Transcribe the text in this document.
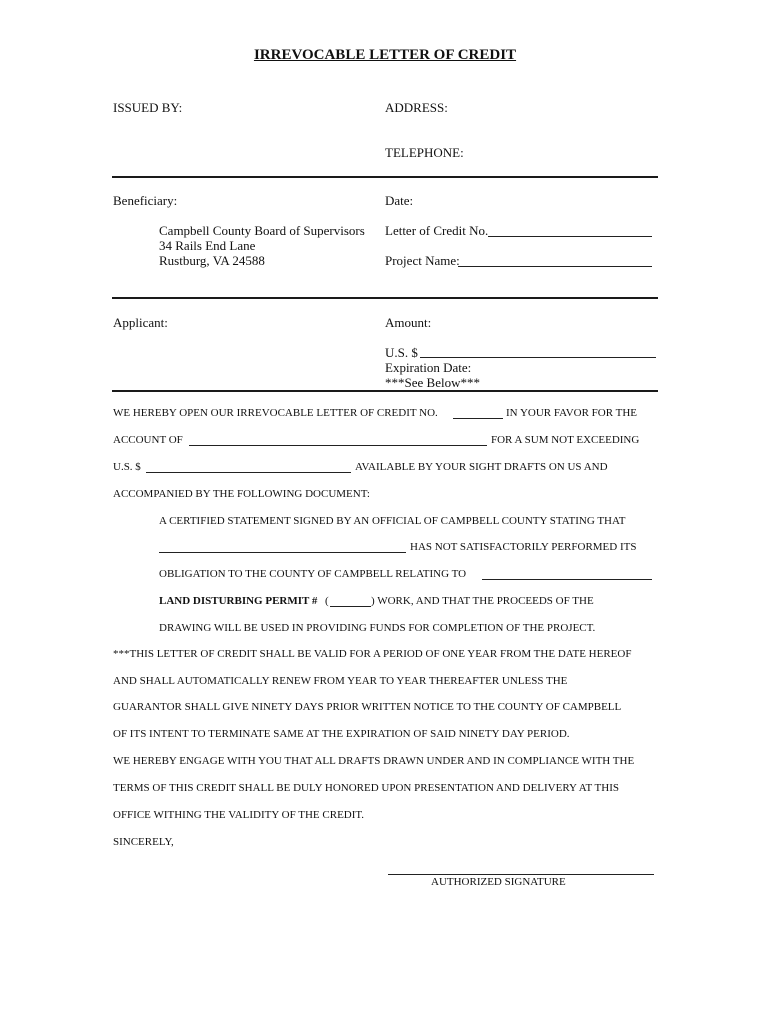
IRREVOCABLE LETTER OF CREDIT
ISSUED BY:	ADDRESS:
TELEPHONE:
Beneficiary:	Date:
Campbell County Board of Supervisors
34 Rails End Lane
Rustburg, VA 24588
Letter of Credit No.
Project Name:
Applicant:	Amount:
U.S. $
Expiration Date:
***See Below***
WE HEREBY OPEN OUR IRREVOCABLE LETTER OF CREDIT NO.	IN YOUR FAVOR FOR THE
ACCOUNT OF	FOR A SUM NOT EXCEEDING
U.S. $	AVAILABLE BY YOUR SIGHT DRAFTS ON US AND
ACCOMPANIED BY THE FOLLOWING DOCUMENT:
A CERTIFIED STATEMENT SIGNED BY AN OFFICIAL OF CAMPBELL COUNTY STATING THAT
HAS NOT SATISFACTORILY PERFORMED ITS
OBLIGATION TO THE COUNTY OF CAMPBELL RELATING TO
LAND DISTURBING PERMIT # (	) WORK, AND THAT THE PROCEEDS OF THE
DRAWING WILL BE USED IN PROVIDING FUNDS FOR COMPLETION OF THE PROJECT.
***THIS LETTER OF CREDIT SHALL BE VALID FOR A PERIOD OF ONE YEAR FROM THE DATE HEREOF
AND SHALL AUTOMATICALLY RENEW FROM YEAR TO YEAR THEREAFTER UNLESS THE
GUARANTOR SHALL GIVE NINETY DAYS PRIOR WRITTEN NOTICE TO THE COUNTY OF CAMPBELL
OF ITS INTENT TO TERMINATE SAME AT THE EXPIRATION OF SAID NINETY DAY PERIOD.
WE HEREBY ENGAGE WITH YOU THAT ALL DRAFTS DRAWN UNDER AND IN COMPLIANCE WITH THE
TERMS OF THIS CREDIT SHALL BE DULY HONORED UPON PRESENTATION AND DELIVERY AT THIS
OFFICE WITHING THE VALIDITY OF THE CREDIT.
SINCERELY,
AUTHORIZED SIGNATURE
